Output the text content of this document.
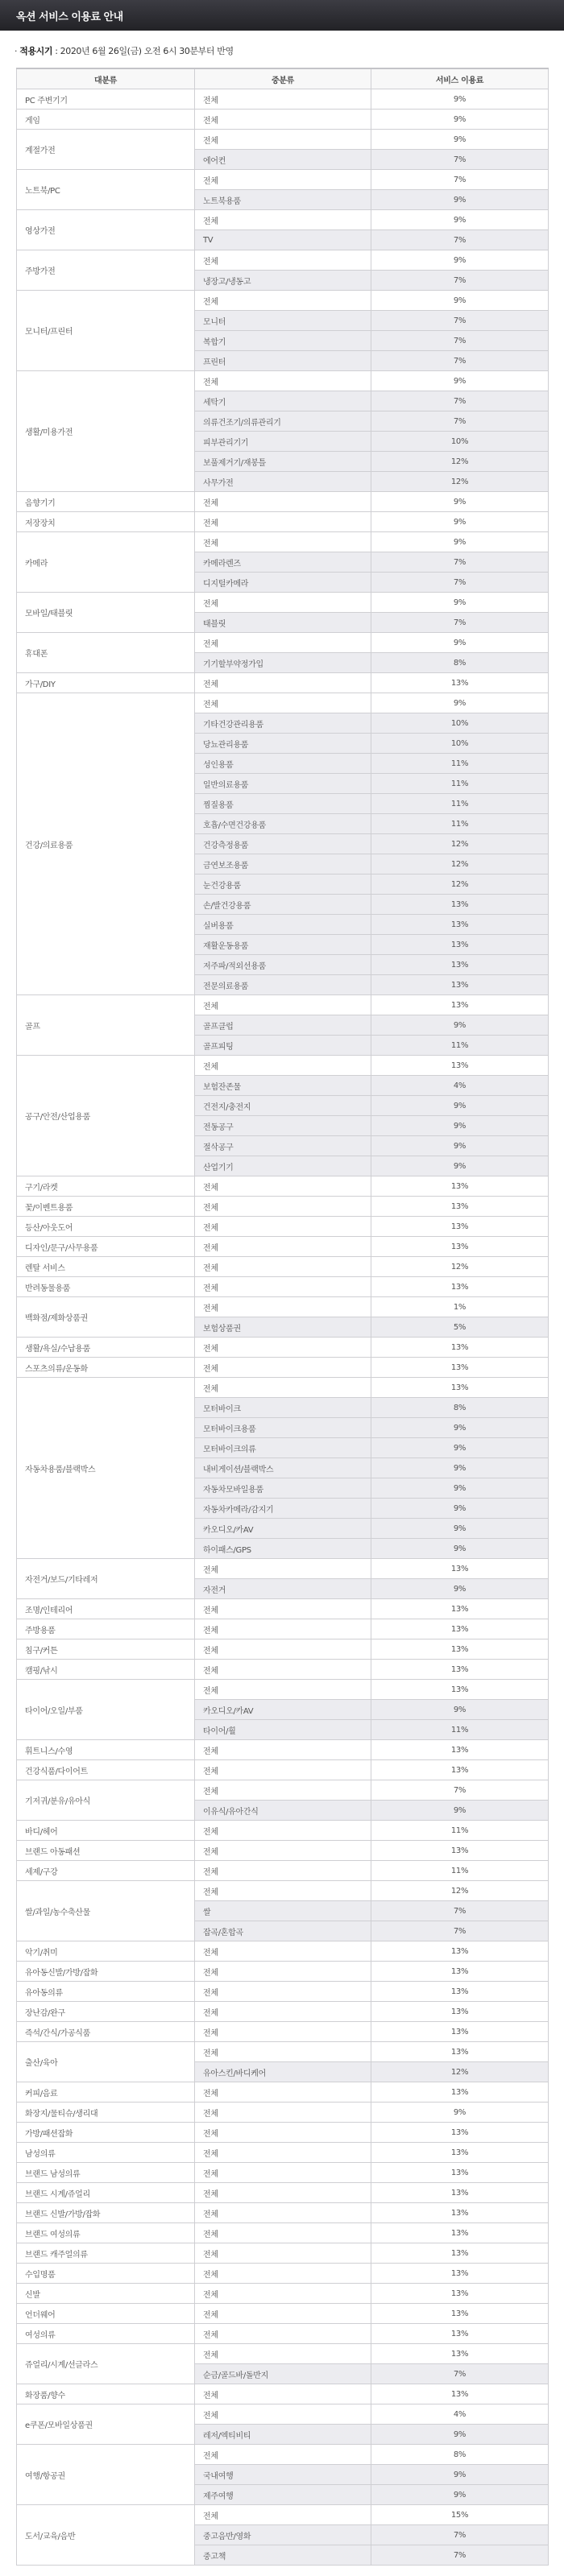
옥션 서비스 이용료 안내
· 적용시기 : 2020년 6월 26일(금) 오전 6시 30분부터 반영
대분류	중분류	서비스 이용료
PC 주변기기	전체	9%
게임	전체	9%
계절가전	전체	9%
	에어컨	7%
노트북/PC	전체	7%
	노트북용품	9%
영상가전	전체	9%
	TV	7%
주방가전	전체	9%
	냉장고/냉동고	7%
모니터/프린터	전체	9%
	모니터	7%
	복합기	7%
	프린터	7%
생활/미용가전	전체	9%
	세탁기	7%
	의류건조기/의류관리기	7%
	피부관리기기	10%
	보풀제거기/재봉틀	12%
	사무가전	12%
음향기기	전체	9%
저장장치	전체	9%
카메라	전체	9%
	카메라렌즈	7%
	디지털카메라	7%
모바일/태블릿	전체	9%
	태블릿	7%
휴대폰	전체	9%
	기기할부약정가입	8%
가구/DIY	전체	13%
건강/의료용품	전체	9%
	기타건강관리용품	10%
	당뇨관리용품	10%
	성인용품	11%
	일반의료용품	11%
	찜질용품	11%
	호흡/수면건강용품	11%
	건강측정용품	12%
	금연보조용품	12%
	눈건강용품	12%
	손/발건강용품	13%
	실버용품	13%
	재활운동용품	13%
	저주파/적외선용품	13%
	전문의료용품	13%
골프	전체	13%
	골프클럽	9%
	골프피팅	11%
공구/안전/산업용품	전체	13%
	보험잔존물	4%
	건전지/충전지	9%
	전동공구	9%
	절삭공구	9%
	산업기기	9%
구기/라켓	전체	13%
꽃/이벤트용품	전체	13%
등산/아웃도어	전체	13%
디자인/문구/사무용품	전체	13%
렌탈 서비스	전체	12%
반려동물용품	전체	13%
백화점/제화상품권	전체	1%
	보험상품권	5%
생활/욕실/수납용품	전체	13%
스포츠의류/운동화	전체	13%
자동차용품/블랙박스	전체	13%
	모터바이크	8%
	모터바이크용품	9%
	모터바이크의류	9%
	내비게이션/블랙박스	9%
	자동차모바일용품	9%
	자동차카메라/감지기	9%
	카오디오/카AV	9%
	하이패스/GPS	9%
자전거/보드/기타레저	전체	13%
	자전거	9%
조명/인테리어	전체	13%
주방용품	전체	13%
침구/커튼	전체	13%
캠핑/낚시	전체	13%
타이어/오일/부품	전체	13%
	카오디오/카AV	9%
	타이어/휠	11%
휘트니스/수영	전체	13%
건강식품/다이어트	전체	13%
기저귀/분유/유아식	전체	7%
	이유식/유아간식	9%
바디/헤어	전체	11%
브랜드 아동패션	전체	13%
세제/구강	전체	11%
쌀/과일/농수축산물	전체	12%
	쌀	7%
	잡곡/혼합곡	7%
악기/취미	전체	13%
유아동신발/가방/잡화	전체	13%
유아동의류	전체	13%
장난감/완구	전체	13%
즉석/간식/가공식품	전체	13%
출산/육아	전체	13%
	유아스킨/바디케어	12%
커피/음료	전체	13%
화장지/물티슈/생리대	전체	9%
가방/패션잡화	전체	13%
남성의류	전체	13%
브랜드 남성의류	전체	13%
브랜드 시계/쥬얼리	전체	13%
브랜드 신발/가방/잡화	전체	13%
브랜드 여성의류	전체	13%
브랜드 캐주얼의류	전체	13%
수입명품	전체	13%
신발	전체	13%
언더웨어	전체	13%
여성의류	전체	13%
쥬얼리/시계/선글라스	전체	13%
	순금/골드바/돌반지	7%
화장품/향수	전체	13%
e쿠폰/모바일상품권	전체	4%
	레저/엑티비티	9%
여행/항공권	전체	8%
	국내여행	9%
	제주여행	9%
도서/교육/음반	전체	15%
	중고음반/영화	7%
	중고책	7%
